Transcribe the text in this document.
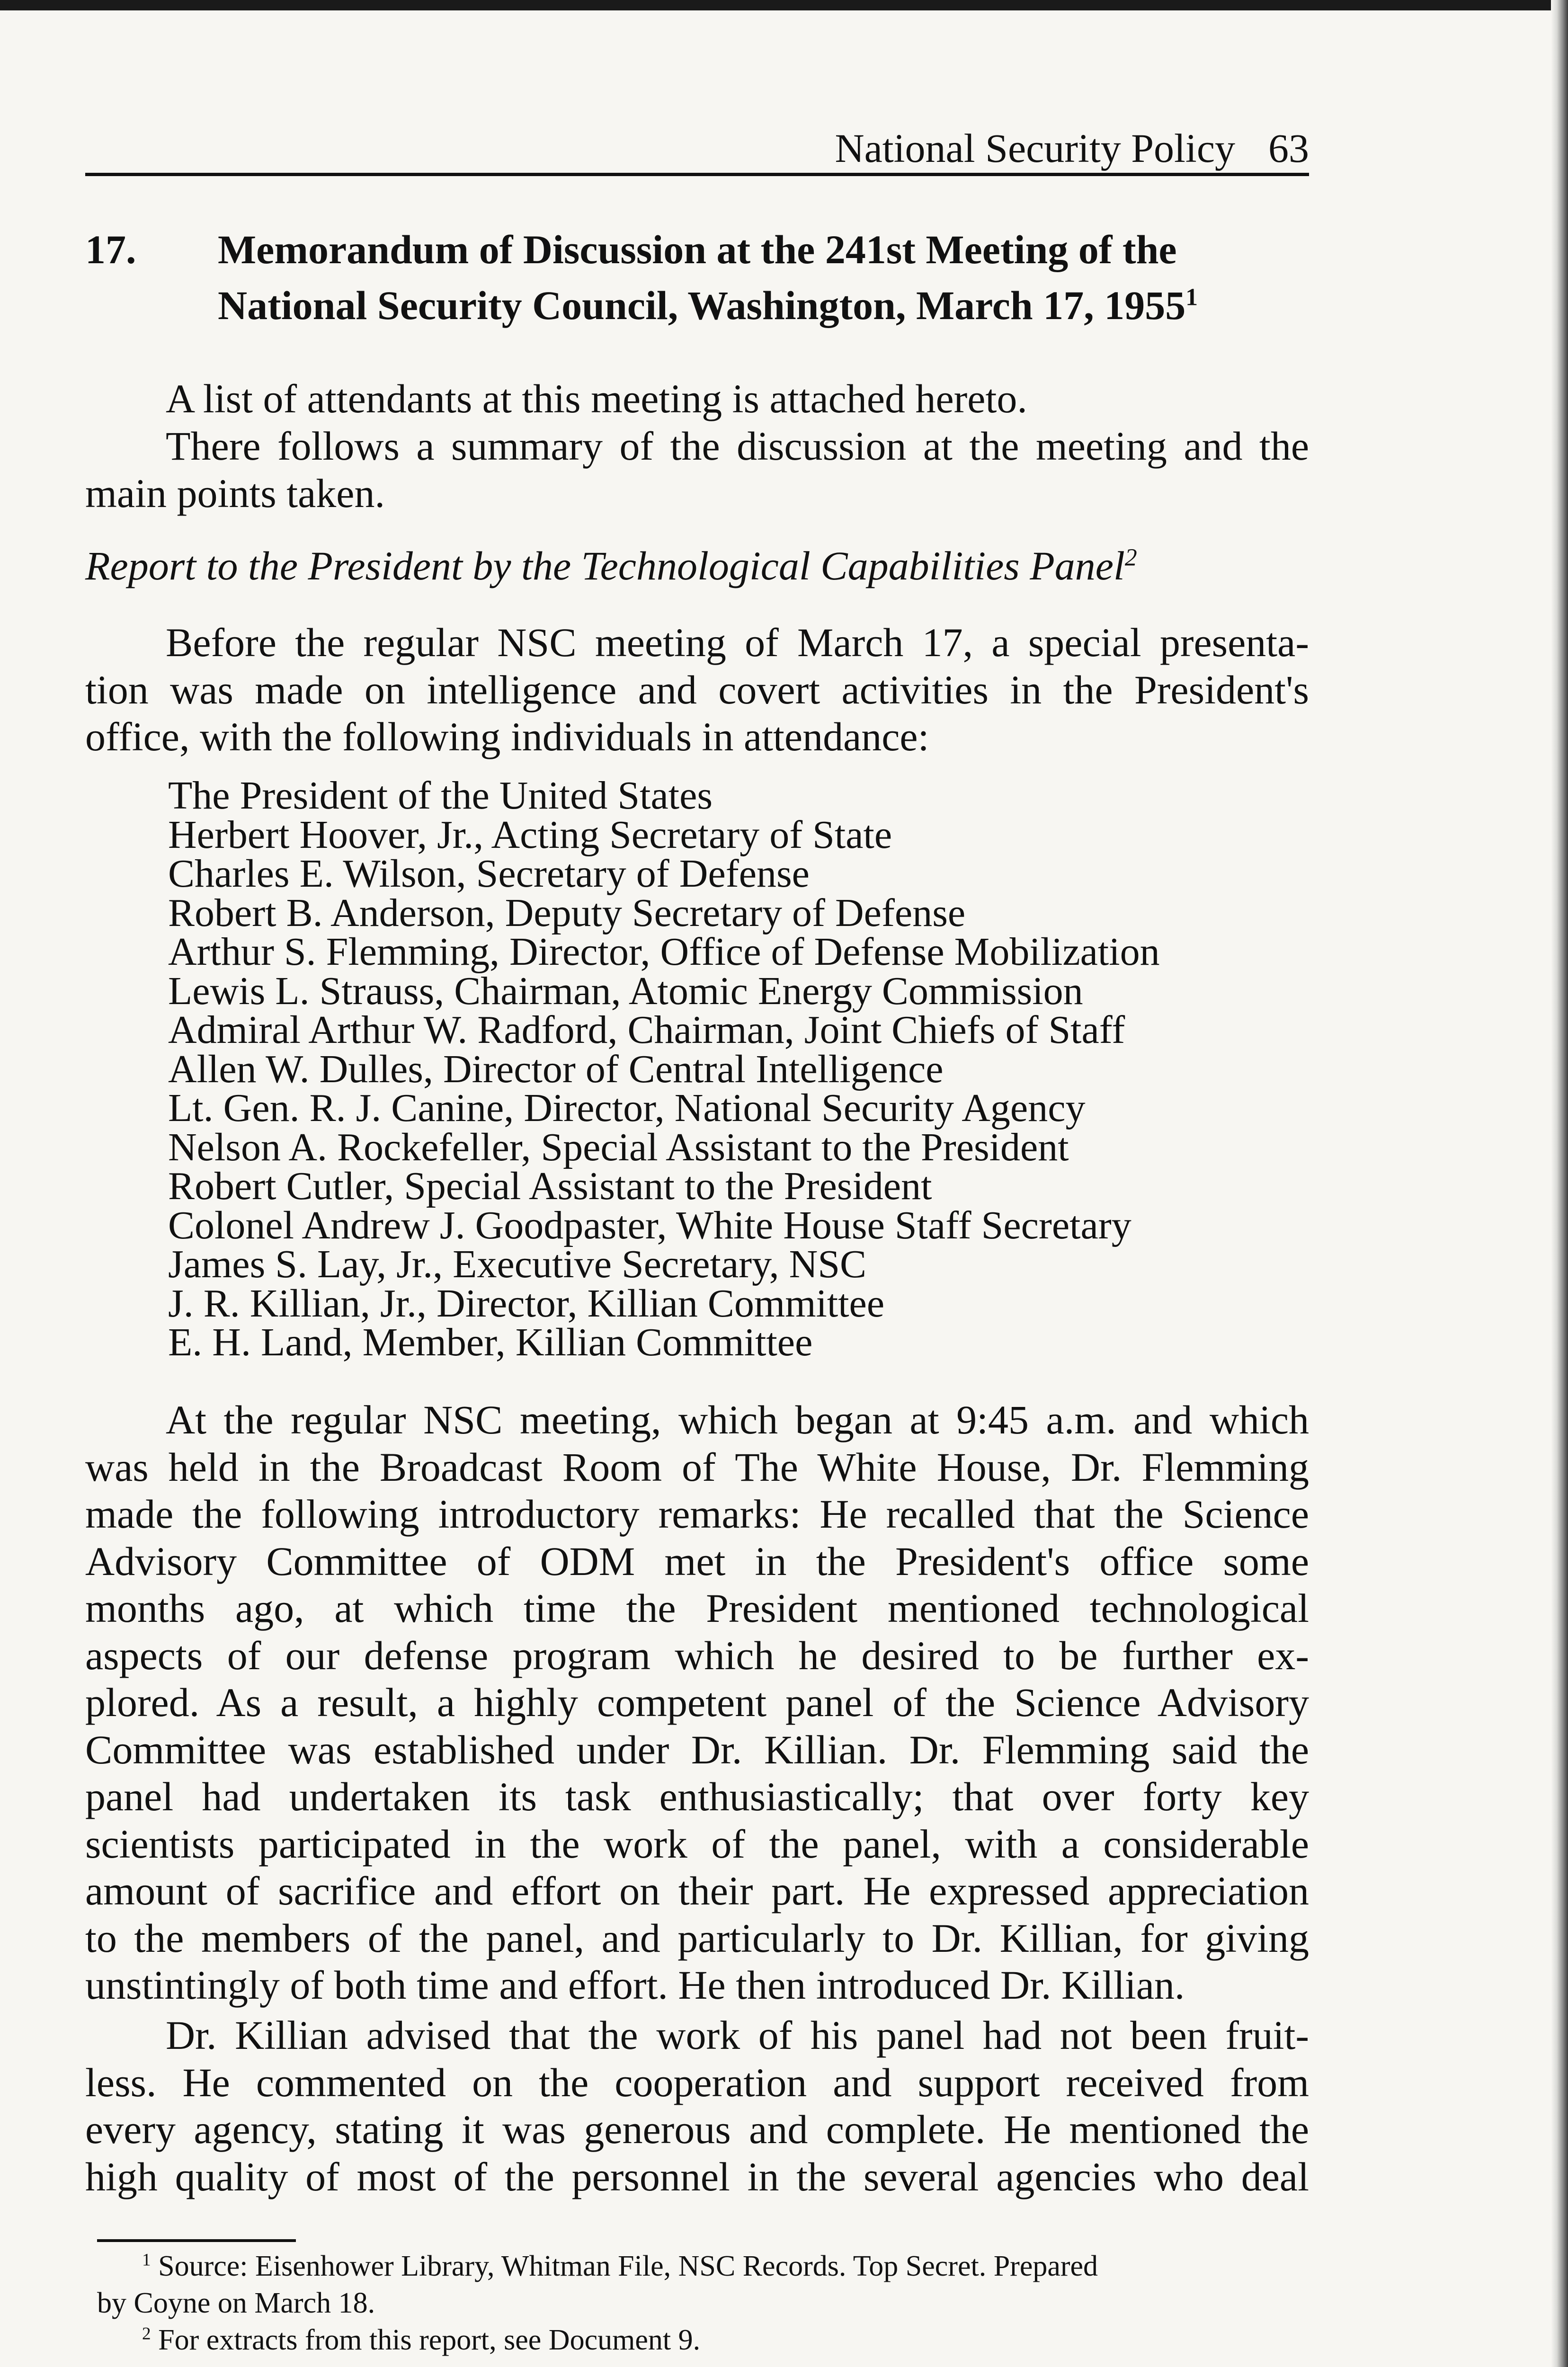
National Security Policy 63
17. Memorandum of Discussion at the 241st Meeting of the
National Security Council, Washington, March 17, 1955$^1$
A list of attendants at this meeting is attached hereto.
There follows a summary of the discussion at the meeting and the
main points taken.
Report to the President by the Technological Capabilities Panel$^2$
Before the regular NSC meeting of March 17, a special presenta-
tion was made on intelligence and covert activities in the President's
office, with the following individuals in attendance:
The President of the United States
Herbert Hoover, Jr., Acting Secretary of State
Charles E. Wilson, Secretary of Defense
Robert B. Anderson, Deputy Secretary of Defense
Arthur S. Flemming, Director, Office of Defense Mobilization
Lewis L. Strauss, Chairman, Atomic Energy Commission
Admiral Arthur W. Radford, Chairman, Joint Chiefs of Staff
Allen W. Dulles, Director of Central Intelligence
Lt. Gen. R. J. Canine, Director, National Security Agency
Nelson A. Rockefeller, Special Assistant to the President
Robert Cutler, Special Assistant to the President
Colonel Andrew J. Goodpaster, White House Staff Secretary
James S. Lay, Jr., Executive Secretary, NSC
J. R. Killian, Jr., Director, Killian Committee
E. H. Land, Member, Killian Committee
At the regular NSC meeting, which began at 9:45 a.m. and which
was held in the Broadcast Room of The White House, Dr. Flemming
made the following introductory remarks: He recalled that the Science
Advisory Committee of ODM met in the President's office some
months ago, at which time the President mentioned technological
aspects of our defense program which he desired to be further ex-
plored. As a result, a highly competent panel of the Science Advisory
Committee was established under Dr. Killian. Dr. Flemming said the
panel had undertaken its task enthusiastically; that over forty key
scientists participated in the work of the panel, with a considerable
amount of sacrifice and effort on their part. He expressed appreciation
to the members of the panel, and particularly to Dr. Killian, for giving
unstintingly of both time and effort. He then introduced Dr. Killian.
Dr. Killian advised that the work of his panel had not been fruit-
less. He commented on the cooperation and support received from
every agency, stating it was generous and complete. He mentioned the
high quality of most of the personnel in the several agencies who deal
$^1$ Source: Eisenhower Library, Whitman File, NSC Records. Top Secret. Prepared
by Coyne on March 18.
$^2$ For extracts from this report, see Document 9.
